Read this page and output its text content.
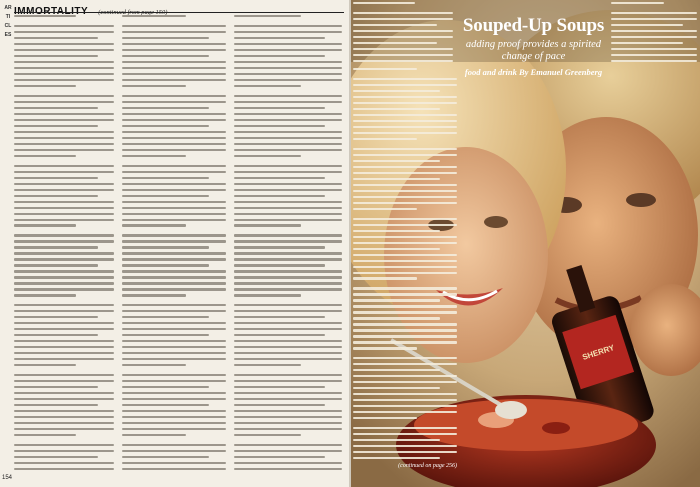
ARTICLES
154
SHERRY
Souped-Up Soups
adding proof provides a spirited change of pace
food and drink By Emanuel Greenberg
(continued on page 256)
